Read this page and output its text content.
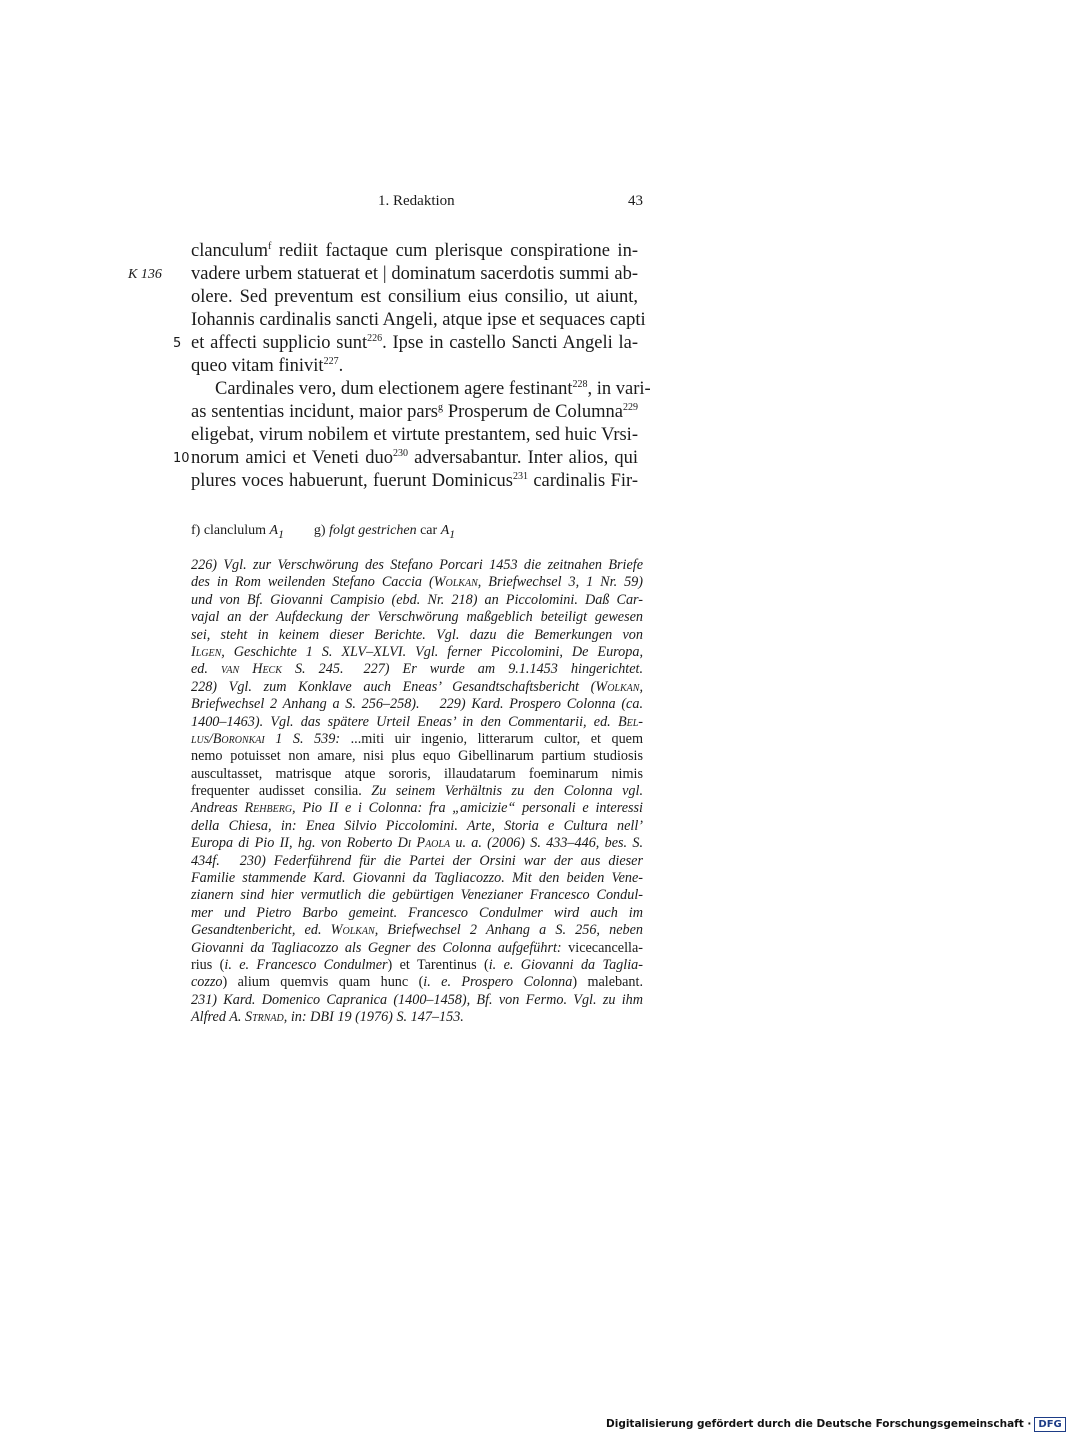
1. Redaktion	43
clanculum$^f$ rediit factaque cum plerisque conspiratione in-
K 136 vadere urbem statuerat et | dominatum sacerdotis summi ab-
olere. Sed preventum est consilium eius consilio, ut aiunt,
Iohannis cardinalis sancti Angeli, atque ipse et sequaces capti
5 et affecti supplicio sunt$^{226}$. Ipse in castello Sancti Angeli la-
queo vitam finivit$^{227}$.
Cardinales vero, dum electionem agere festinant$^{228}$, in vari-
as sententias incidunt, maior pars$^g$ Prosperum de Columna$^{229}$
eligebat, virum nobilem et virtute prestantem, sed huic Vrsi-
10 norum amici et Veneti duo$^{230}$ adversabantur. Inter alios, qui
plures voces habuerunt, fuerunt Dominicus$^{231}$ cardinalis Fir-
f) clanclulum $A_1$ g) folgt gestrichen car $A_1$
226) Vgl. zur Verschwörung des Stefano Porcari 1453 die zeitnahen Briefe
des in Rom weilenden Stefano Caccia (Wolkan, Briefwechsel 3, 1 Nr. 59)
und von Bf. Giovanni Campisio (ebd. Nr. 218) an Piccolomini. Daß Car-
vajal an der Aufdeckung der Verschwörung maßgeblich beteiligt gewesen
sei, steht in keinem dieser Berichte. Vgl. dazu die Bemerkungen von
Ilgen, Geschichte 1 S. XLV–XLVI. Vgl. ferner Piccolomini, De Europa,
ed. van Heck S. 245. 227) Er wurde am 9.1.1453 hingerichtet.
228) Vgl. zum Konklave auch Eneas’ Gesandtschaftsbericht (Wolkan,
Briefwechsel 2 Anhang a S. 256–258). 229) Kard. Prospero Colonna (ca.
1400–1463). Vgl. das spätere Urteil Eneas’ in den Commentarii, ed. Bel-
lus/Boronkai 1 S. 539: ...miti uir ingenio, litterarum cultor, et quem
nemo potuisset non amare, nisi plus equo Gibellinarum partium studiosis
auscultasset, matrisque atque sororis, illaudatarum foeminarum nimis
frequenter audisset consilia. Zu seinem Verhältnis zu den Colonna vgl.
Andreas Rehberg, Pio II e i Colonna: fra „amicizie“ personali e interessi
della Chiesa, in: Enea Silvio Piccolomini. Arte, Storia e Cultura nell’
Europa di Pio II, hg. von Roberto Di Paola u. a. (2006) S. 433–446, bes. S.
434f. 230) Federführend für die Partei der Orsini war der aus dieser
Familie stammende Kard. Giovanni da Tagliacozzo. Mit den beiden Vene-
zianern sind hier vermutlich die gebürtigen Venezianer Francesco Condul-
mer und Pietro Barbo gemeint. Francesco Condulmer wird auch im
Gesandtenbericht, ed. Wolkan, Briefwechsel 2 Anhang a S. 256, neben
Giovanni da Tagliacozzo als Gegner des Colonna aufgeführt: vicecancella-
rius (i. e. Francesco Condulmer) et Tarentinus (i. e. Giovanni da Taglia-
cozzo) alium quemvis quam hunc (i. e. Prospero Colonna) malebant.
231) Kard. Domenico Capranica (1400–1458), Bf. von Fermo. Vgl. zu ihm
Alfred A. Strnad, in: DBI 19 (1976) S. 147–153.
Digitalisierung gefördert durch die Deutsche Forschungsgemeinschaft · DFG
